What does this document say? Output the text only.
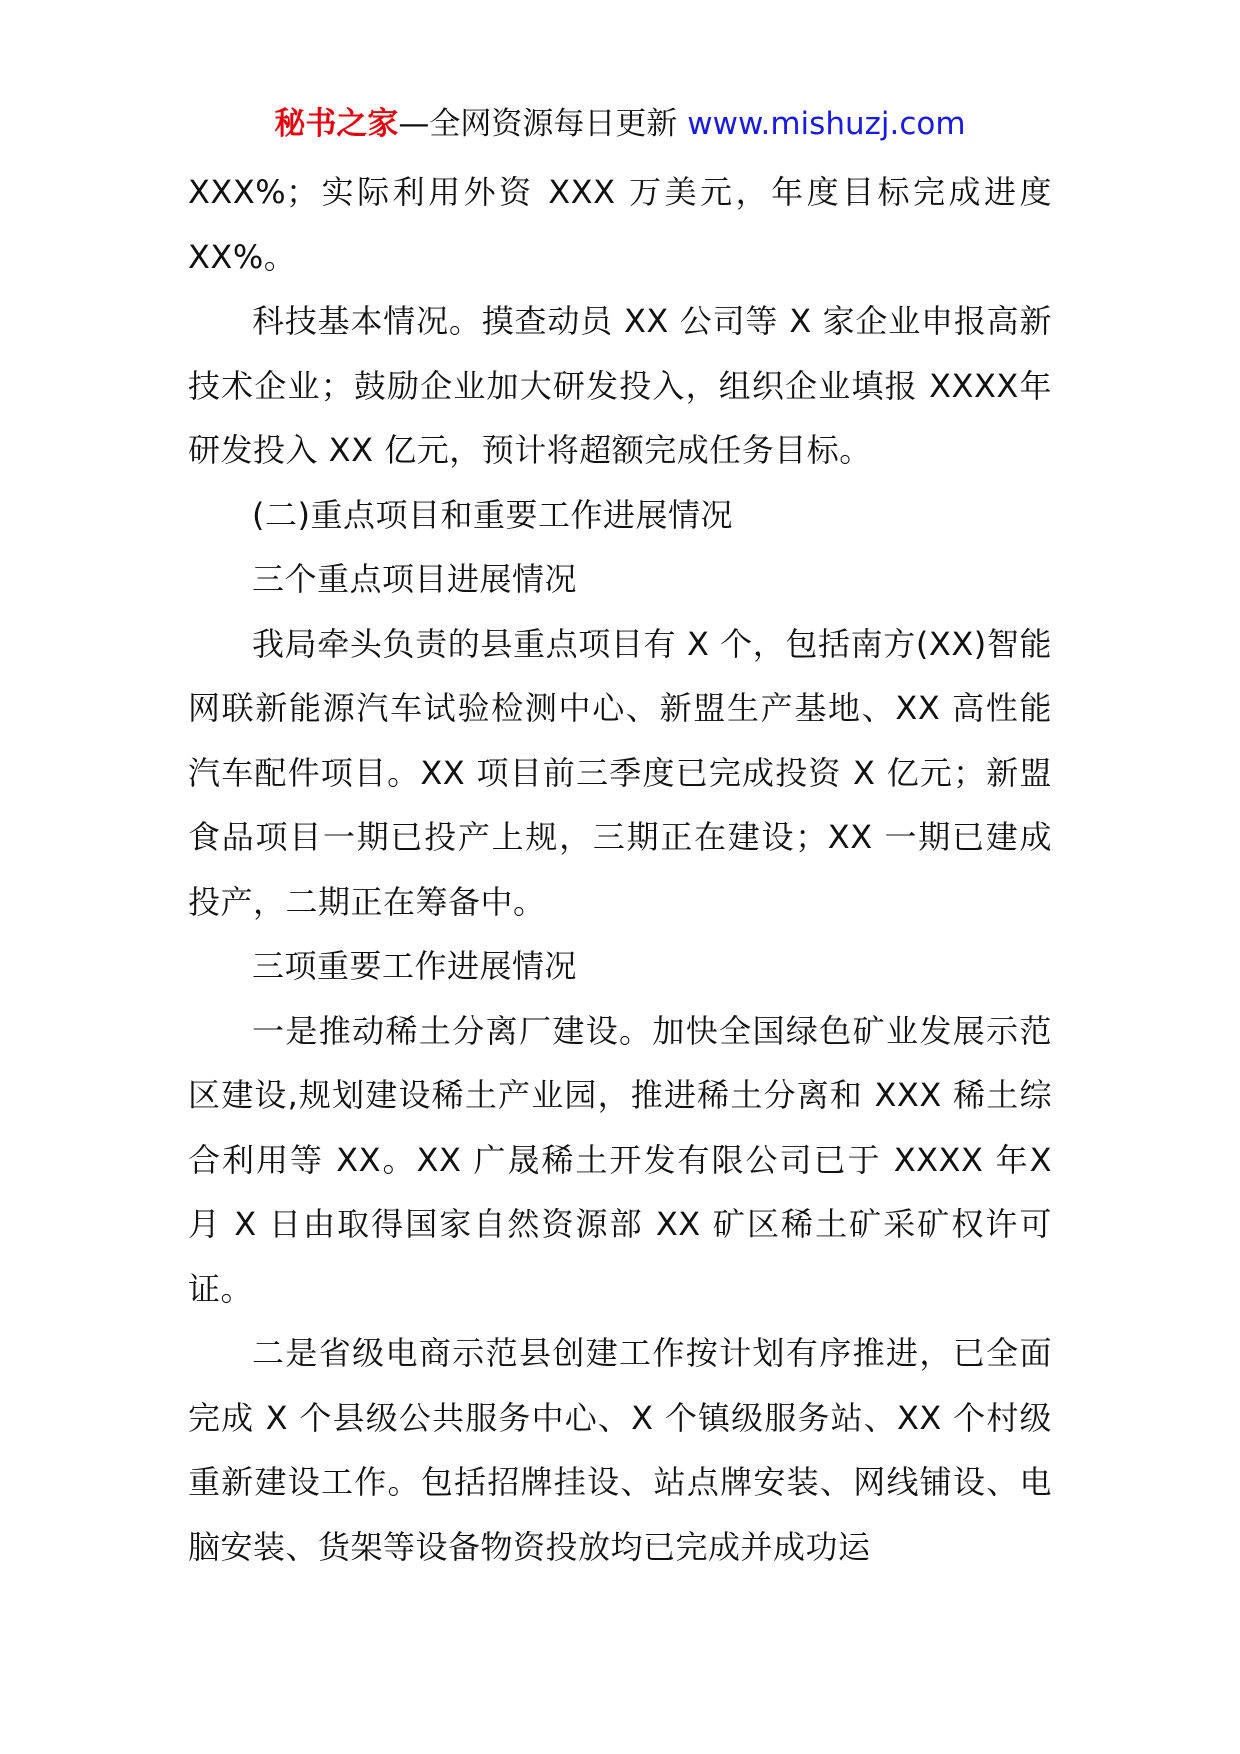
秘书之家—全网资源每日更新 www.mishuzj.com

XXX%；实际利用外资 XXX 万美元，年度目标完成进度XX%。

科技基本情况。摸查动员 XX 公司等 X 家企业申报高新技术企业；鼓励企业加大研发投入，组织企业填报 XXXX年研发投入 XX 亿元，预计将超额完成任务目标。

(二)重点项目和重要工作进展情况

三个重点项目进展情况

我局牵头负责的县重点项目有 X 个，包括南方(XX)智能网联新能源汽车试验检测中心、新盟生产基地、XX 高性能汽车配件项目。XX 项目前三季度已完成投资 X 亿元；新盟食品项目一期已投产上规，三期正在建设；XX 一期已建成投产，二期正在筹备中。

三项重要工作进展情况

一是推动稀土分离厂建设。加快全国绿色矿业发展示范区建设,规划建设稀土产业园，推进稀土分离和 XXX 稀土综合利用等 XX。XX 广晟稀土开发有限公司已于 XXXX 年X 月 X 日由取得国家自然资源部 XX 矿区稀土矿采矿权许可证。

二是省级电商示范县创建工作按计划有序推进，已全面完成 X 个县级公共服务中心、X 个镇级服务站、XX 个村级重新建设工作。包括招牌挂设、站点牌安装、网线铺设、电脑安装、货架等设备物资投放均已完成并成功运
